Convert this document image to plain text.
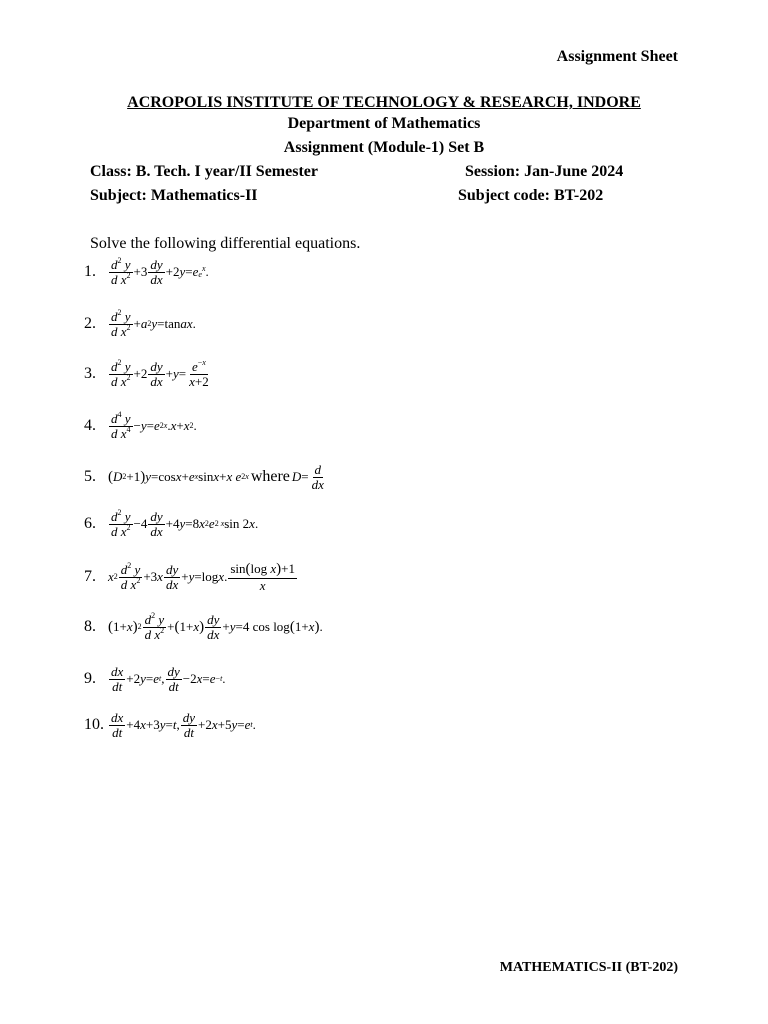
Assignment Sheet
ACROPOLIS INSTITUTE OF TECHNOLOGY & RESEARCH, INDORE
Department of Mathematics
Assignment (Module-1) Set B
Class: B. Tech. I year/II Semester	Session: Jan-June 2024
Subject: Mathematics-II	Subject code: BT-202
Solve the following differential equations.
1.	$\frac{d^2 y}{d x^2} +3 \frac{dy}{dx} +2$ y = e $e^x$ .
2.	$\frac{d^2 y}{d x^2} + a$ 2 y =tan ax .
3.	$\frac{d^2 y}{d x^2} +2 \frac{dy}{dx} + y = \frac{e^{-x}}{x+2}$
4.	$\frac{d^4 y}{d x^4} - y = e$ 2x . x + x 2 .
5. ( D 2 +1 ) y =cos x + e x sin x + x e 2x where $D = \frac{d}{dx}$
6.	$\frac{d^2 y}{d x^2} -4 \frac{dy}{dx} +4$ y =8 x 2 e 2 x sin 2 x .
7. x $2 \frac{d^2 y}{d x^2} +3$ x $\frac{dy}{dx} + y =\log$ x . $\frac{\text{sin(log x)+1}}{x}$
8. ( 1+ x ) $2 \frac{d^2 y}{d x^2}$ + ( 1+ x ) $\frac{dy}{dx} + y =4$ cos log ( 1+ x ) .
9.	$\frac{dx}{dt} +2$ y = e t , $\frac{dy}{dt} -2$ x = e −t .
10. $\frac{dx}{dt} +4$ x +3 y = t , $\frac{dy}{dt} +2$ x +5 y = e t .
MATHEMATICS-II (BT-202)
